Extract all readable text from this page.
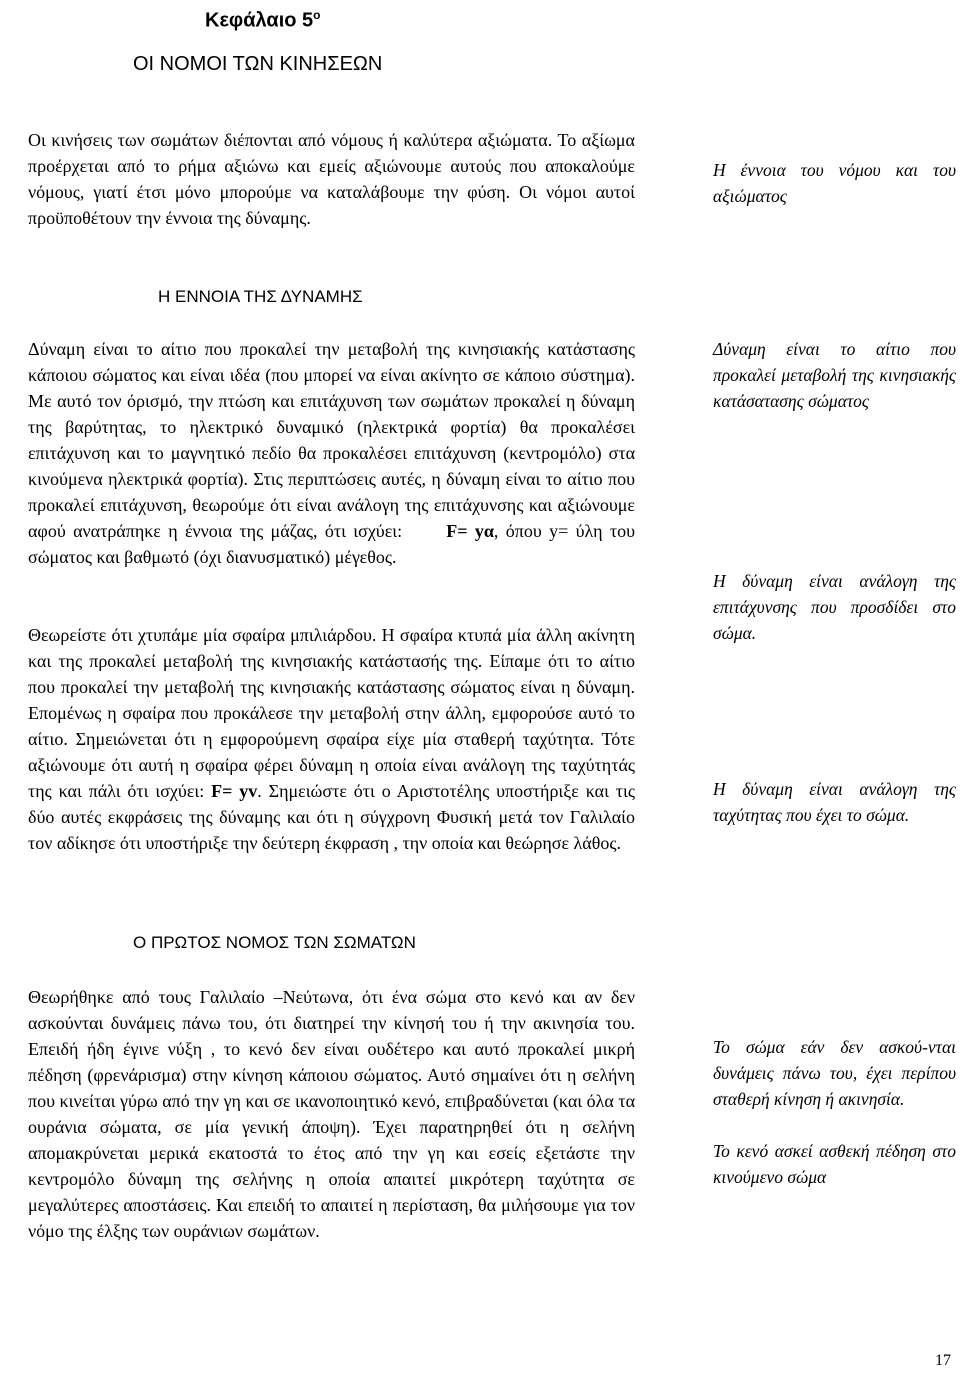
Κεφάλαιο $5^o$
ΟΙ ΝΟΜΟΙ ΤΩΝ ΚΙΝΗΣΕΩΝ

Οι κινήσεις των σωμάτων διέπονται από νόμους ή καλύτερα αξιώματα. Το αξίωμα προέρχεται από το ρήμα αξιώνω και εμείς αξιώνουμε αυτούς που αποκαλούμε νόμους, γιατί έτσι μόνο μπορούμε να καταλάβουμε την φύση. Οι νόμοι αυτοί προϋποθέτουν την έννοια της δύναμης.

Η έννοια του νόμου και του αξιώματος

Η ΕΝΝΟΙΑ ΤΗΣ ΔΥΝΑΜΗΣ

Δύναμη είναι το αίτιο που προκαλεί την μεταβολή της κινησιακής κατάστασης κάποιου σώματος και είναι ιδέα (που μπορεί να είναι ακίνητο σε κάποιο σύστημα). Με αυτό τον όρισμό, την πτώση και επιτάχυνση των σωμάτων προκαλεί η δύναμη της βαρύτητας, το ηλεκτρικό δυναμικό (ηλεκτρικά φορτία) θα προκαλέσει επιτάχυνση και το μαγνητικό πεδίο θα προκαλέσει επιτάχυνση (κεντρομόλο) στα κινούμενα ηλεκτρικά φορτία). Στις περιπτώσεις αυτές, η δύναμη είναι το αίτιο που προκαλεί επιτάχυνση, θεωρούμε ότι είναι ανάλογη της επιτάχυνσης και αξιώνουμε αφού ανατράπηκε η έννοια της μάζας, ότι ισχύει: F= yα, όπου y= ύλη του σώματος και βαθμωτό (όχι διανυσματικό) μέγεθος.

Θεωρείστε ότι χτυπάμε μία σφαίρα μπιλιάρδου. Η σφαίρα κτυπά μία άλλη ακίνητη και της προκαλεί μεταβολή της κινησιακής κατάστασής της. Είπαμε ότι το αίτιο που προκαλεί την μεταβολή της κινησιακής κατάστασης σώματος είναι η δύναμη. Επομένως η σφαίρα που προκάλεσε την μεταβολή στην άλλη, εμφορούσε αυτό το αίτιο. Σημειώνεται ότι η εμφορούμενη σφαίρα είχε μία σταθερή ταχύτητα. Τότε αξιώνουμε ότι αυτή η σφαίρα φέρει δύναμη η οποία είναι ανάλογη της ταχύτητάς της και πάλι ότι ισχύει: F= yv. Σημειώστε ότι ο Αριστοτέλης υποστήριξε και τις δύο αυτές εκφράσεις της δύναμης και ότι η σύγχρονη Φυσική μετά τον Γαλιλαίο τον αδίκησε ότι υποστήριξε την δεύτερη έκφραση , την οποία και θεώρησε λάθος.

Δύναμη είναι το αίτιο που προκαλεί μεταβολή της κινησιακής κατάσατασης σώματος

Η δύναμη είναι ανάλογη της επιτάχυνσης που προσδίδει στο σώμα.

Η δύναμη είναι ανάλογη της ταχύτητας που έχει το σώμα.

Ο ΠΡΩΤΟΣ ΝΟΜΟΣ ΤΩΝ ΣΩΜΑΤΩΝ

Θεωρήθηκε από τους Γαλιλαίο –Νεύτωνα, ότι ένα σώμα στο κενό και αν δεν ασκούνται δυνάμεις πάνω του, ότι διατηρεί την κίνησή του ή την ακινησία του. Επειδή ήδη έγινε νύξη , το κενό δεν είναι ουδέτερο και αυτό προκαλεί μικρή πέδηση (φρενάρισμα) στην κίνηση κάποιου σώματος. Αυτό σημαίνει ότι η σελήνη που κινείται γύρω από την γη και σε ικανοποιητικό κενό, επιβραδύνεται (και όλα τα ουράνια σώματα, σε μία γενική άποψη). Έχει παρατηρηθεί ότι η σελήνη απομακρύνεται μερικά εκατοστά το έτος από την γη και εσείς εξετάστε την κεντρομόλο δύναμη της σελήνης η οποία απαιτεί μικρότερη ταχύτητα σε μεγαλύτερες αποστάσεις. Και επειδή το απαιτεί η περίσταση, θα μιλήσουμε για τον νόμο της έλξης των ουράνιων σωμάτων.

Το σώμα εάν δεν ασκού-νται δυνάμεις πάνω του, έχει περίπου σταθερή κίνηση ή ακινησία.

Το κενό ασκεί ασθεκή πέδηση στο κινούμενο σώμα

17
